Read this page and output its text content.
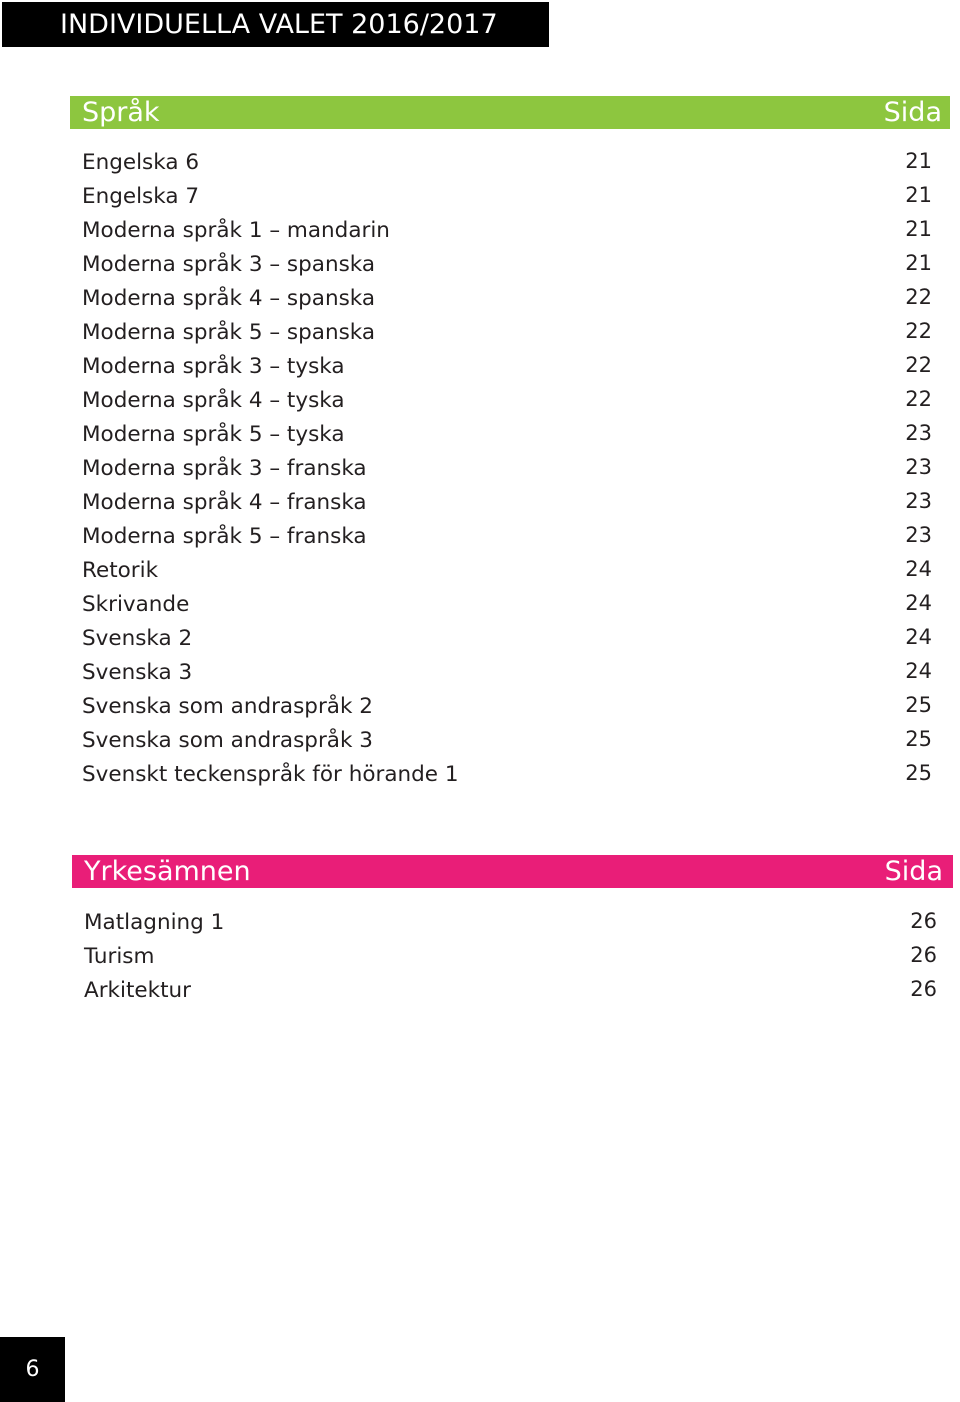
INDIVIDUELLA VALET 2016/2017
Språk	Sida
Engelska 6	21
Engelska 7	21
Moderna språk 1 – mandarin	21
Moderna språk 3 – spanska	21
Moderna språk 4 – spanska	22
Moderna språk 5 – spanska	22
Moderna språk 3 – tyska	22
Moderna språk 4 – tyska	22
Moderna språk 5 – tyska	23
Moderna språk 3 – franska	23
Moderna språk 4 – franska	23
Moderna språk 5 – franska	23
Retorik	24
Skrivande	24
Svenska 2	24
Svenska 3	24
Svenska som andraspråk 2	25
Svenska som andraspråk 3	25
Svenskt teckenspråk för hörande 1	25
Yrkesämnen	Sida
Matlagning 1	26
Turism	26
Arkitektur	26
6
